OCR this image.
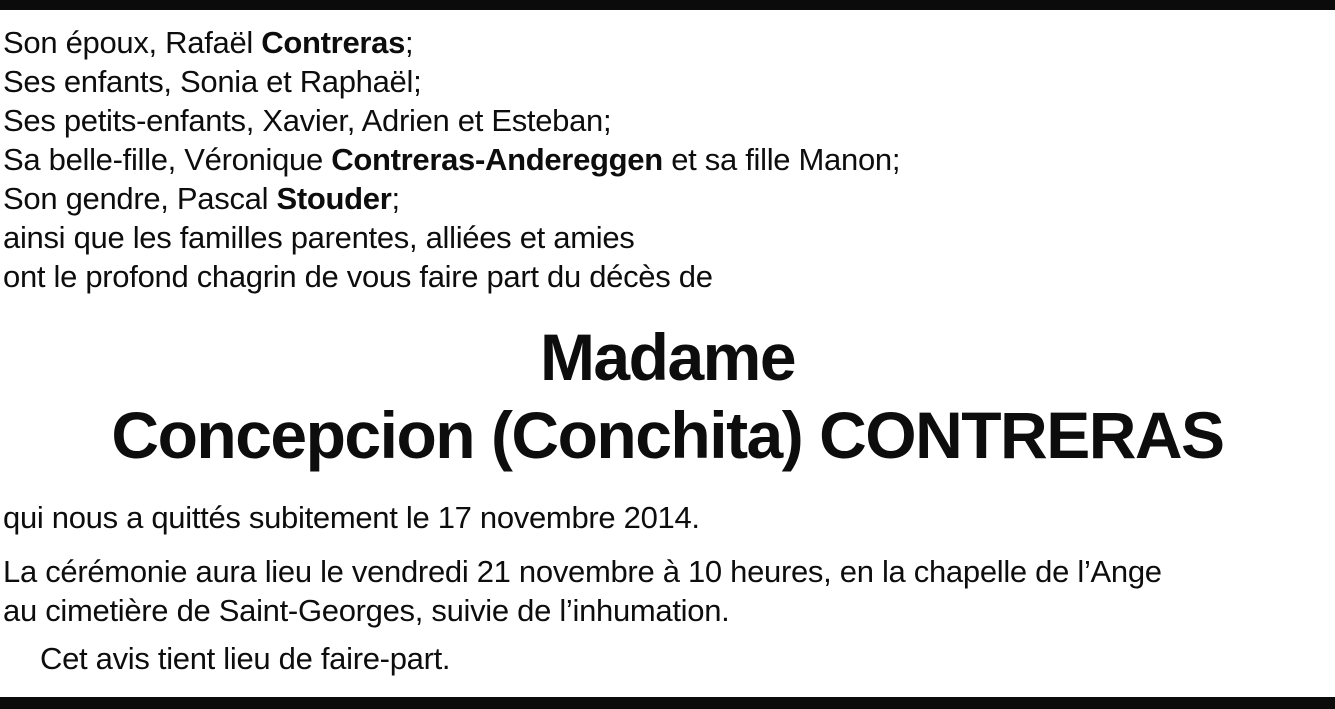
Son époux, Rafaël Contreras;
Ses enfants, Sonia et Raphaël;
Ses petits-enfants, Xavier, Adrien et Esteban;
Sa belle-fille, Véronique Contreras-Andereggen et sa fille Manon;
Son gendre, Pascal Stouder;
ainsi que les familles parentes, alliées et amies
ont le profond chagrin de vous faire part du décès de
Madame
Concepcion (Conchita) CONTRERAS
qui nous a quittés subitement le 17 novembre 2014.
La cérémonie aura lieu le vendredi 21 novembre à 10 heures, en la chapelle de l’Ange
au cimetière de Saint-Georges, suivie de l’inhumation.
Cet avis tient lieu de faire-part.
